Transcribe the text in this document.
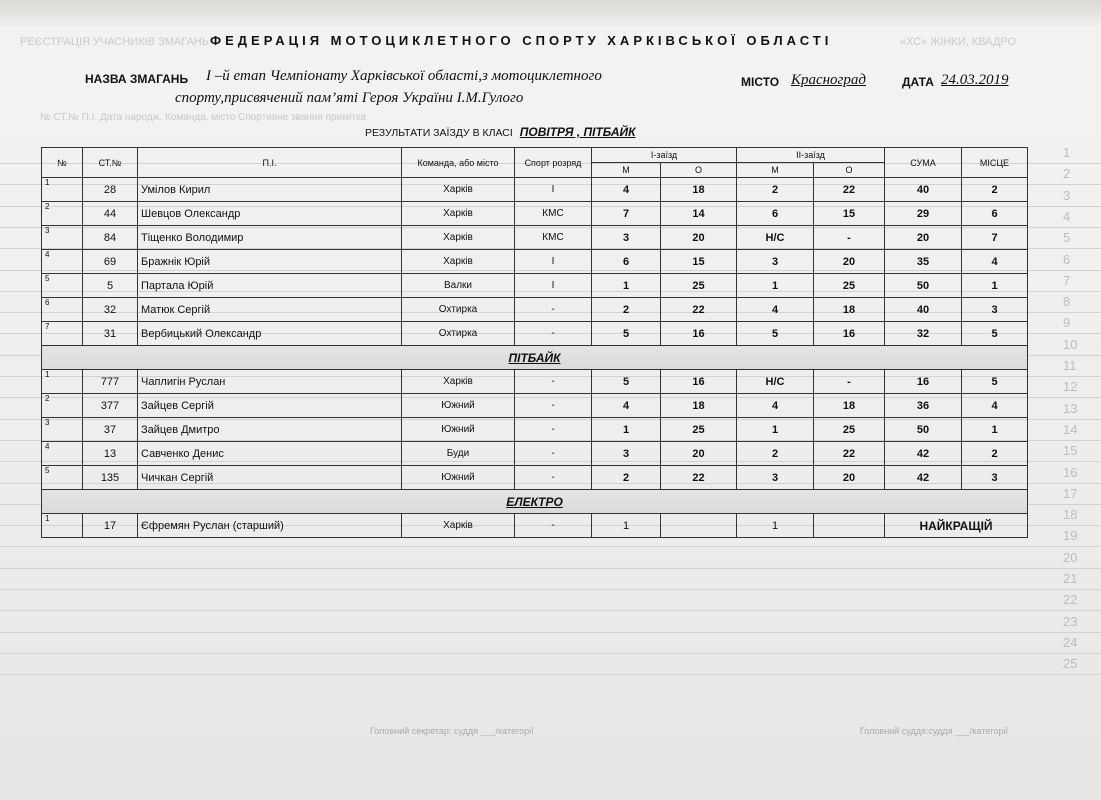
РЕЄСТРАЦІЯ УЧАСНИКІВ ЗМАГАНЬ	«ХС» ЖІНКИ, КВАДРО
№ СТ.№ П.І. Дата народж. Команда, місто Спортивне звання примітка
1
2
3
4
5
6
7
8
9
10
11
12
13
14
15
16
17
18
19
20
21
22
23
24
25
ФЕДЕРАЦІЯ МОТОЦИКЛЕТНОГО СПОРТУ ХАРКІВСЬКОЇ ОБЛАСТІ
НАЗВА ЗМАГАНЬ І –й етап Чемпіонату Харківської області,з мотоциклетного
спорту,присвячений пам’яті Героя України І.М.Гулого
МІСТО Красноград	ДАТА 24.03.2019
РЕЗУЛЬТАТИ ЗАЇЗДУ В КЛАСІ ПОВІТРЯ , ПІТБАЙК
№	СТ.№	П.І.	Команда, або місто	Спорт розряд	І-заїзд		ІІ-заїзд		СУМА	МІСЦЕ
					М	О	М	О		
1	28	Умілов Кирил	Харків	І	4	18	2	22	40	2
2	44	Шевцов Олександр	Харків	КМС	7	14	6	15	29	6
3	84	Тіщенко Володимир	Харків	КМС	3	20	Н/С	-	20	7
4	69	Бражнік Юрій	Харків	І	6	15	3	20	35	4
5	5	Партала Юрій	Валки	І	1	25	1	25	50	1
6	32	Матюк Сергій	Охтирка	-	2	22	4	18	40	3
7	31	Вербицький Олександр	Охтирка	-	5	16	5	16	32	5
ПІТБАЙК										
1	777	Чаплигін Руслан	Харків	-	5	16	Н/С	-	16	5
2	377	Зайцев Сергій	Южний	-	4	18	4	18	36	4
3	37	Зайцев Дмитро	Южний	-	1	25	1	25	50	1
4	13	Савченко Денис	Буди	-	3	20	2	22	42	2
5	135	Чичкан Сергій	Южний	-	2	22	3	20	42	3
ЕЛЕКТРО										
1	17	Єфремян Руслан (старший)	Харків	-	1		1		НАЙКРАЩІЙ	
Головний секретар: суддя ___/категорії	Головний суддя:суддя ___/категорії
